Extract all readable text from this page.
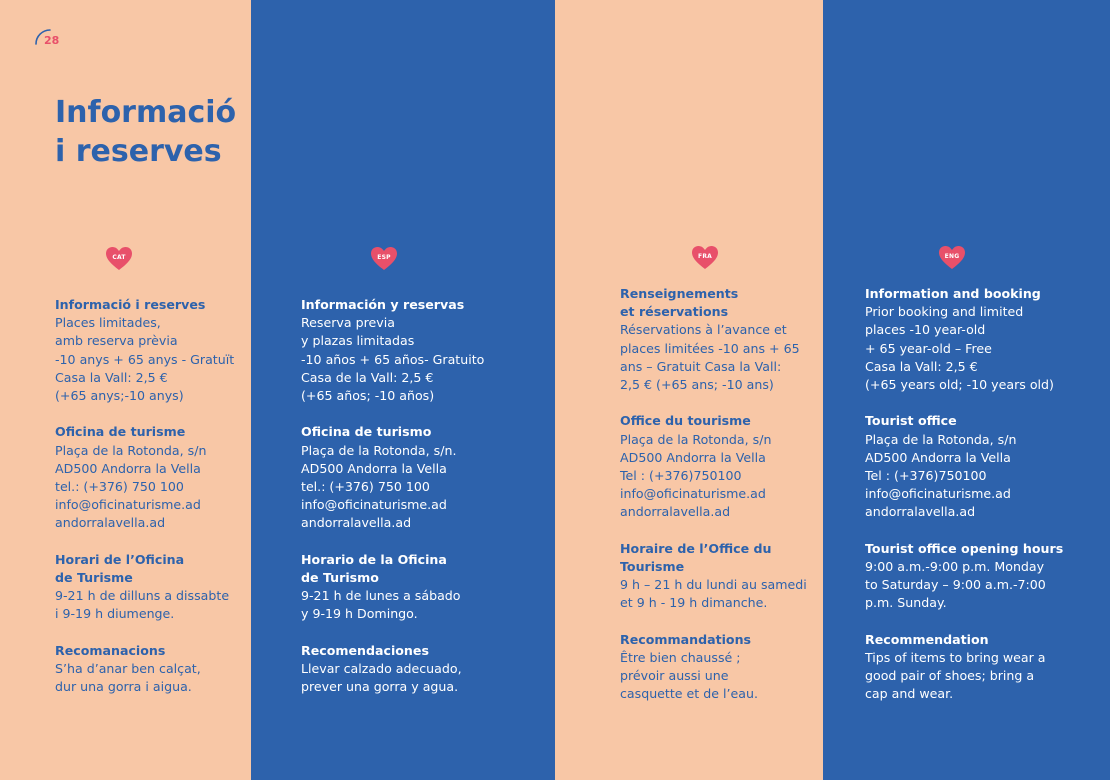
28
Informació
i reserves
CAT	ESP	FRA	ENG
Informació i reserves

Places limitades,
amb reserva prèvia
-10 anys + 65 anys - Gratuït
Casa la Vall: 2,5 €
(+65 anys;-10 anys)

Oficina de turisme

Plaça de la Rotonda, s/n
AD500 Andorra la Vella
tel.: (+376) 750 100
info@oficinaturisme.ad
andorralavella.ad

Horari de l’Oficina
de Turisme

9-21 h de dilluns a dissabte
i 9-19 h diumenge.

Recomanacions

S’ha d’anar ben calçat,
dur una gorra i aigua.

Información y reservas

Reserva previa
y plazas limitadas
-10 años + 65 años- Gratuito
Casa de la Vall: 2,5 €
(+65 años; -10 años)

Oficina de turismo

Plaça de la Rotonda, s/n.
AD500 Andorra la Vella
tel.: (+376) 750 100
info@oficinaturisme.ad
andorralavella.ad

Horario de la Oficina
de Turismo

9-21 h de lunes a sábado
y 9-19 h Domingo.

Recomendaciones

Llevar calzado adecuado,
prever una gorra y agua.

Renseignements
et réservations

Réservations à l’avance et
places limitées -10 ans + 65
ans – Gratuit Casa la Vall:
2,5 € (+65 ans; -10 ans)

Office du tourisme

Plaça de la Rotonda, s/n
AD500 Andorra la Vella
Tel : (+376)750100
info@oficinaturisme.ad
andorralavella.ad

Horaire de l’Office du
Tourisme

9 h – 21 h du lundi au samedi
et 9 h - 19 h dimanche.

Recommandations

Être bien chaussé ;
prévoir aussi une
casquette et de l’eau.

Information and booking

Prior booking and limited
places -10 year-old
+ 65 year-old – Free
Casa la Vall: 2,5 €
(+65 years old; -10 years old)

Tourist office

Plaça de la Rotonda, s/n
AD500 Andorra la Vella
Tel : (+376)750100
info@oficinaturisme.ad
andorralavella.ad

Tourist office opening hours

9:00 a.m.-9:00 p.m. Monday
to Saturday – 9:00 a.m.-7:00
p.m. Sunday.

Recommendation

Tips of items to bring wear a
good pair of shoes; bring a
cap and wear.
